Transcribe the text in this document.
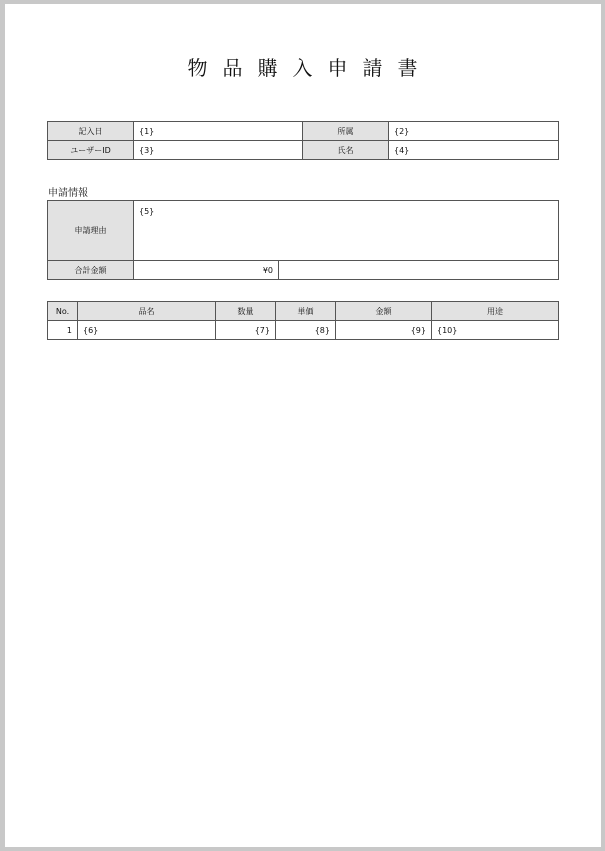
物品購入申請書
記入日	{1}	所属	{2}
ユーザーID	{3}	氏名	{4}
申請情報
申請理由	{5}	
合計金額	¥0	
No.	品名	数量	単価	金額	用途
1	{6}	{7}	{8}	{9}	{10}
